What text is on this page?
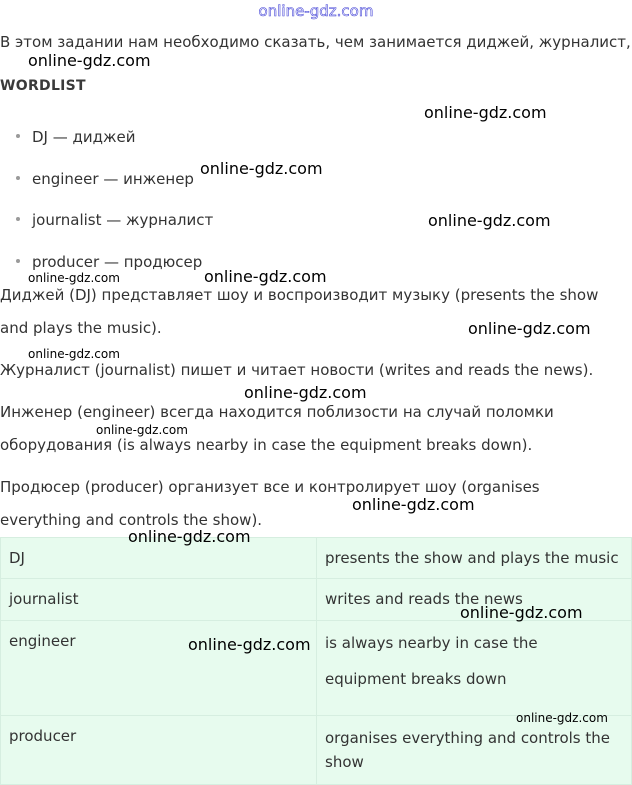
online-gdz.com
В этом задании нам необходимо сказать, чем занимается диджей, журналист,
WORDLIST
DJ — диджей
engineer — инженер
journalist — журналист
producer — продюсер
Диджей (DJ) представляет шоу и воспроизводит музыку (presents the show
and plays the music).
Журналист (journalist) пишет и читает новости (writes and reads the news).
Инженер (engineer) всегда находится поблизости на случай поломки
оборудования (is always nearby in case the equipment breaks down).
Продюсер (producer) организует все и контролирует шоу (organises
everything and controls the show).
DJ	presents the show and plays the music
journalist	writes and reads the news
engineer	is always nearby in case the equipment breaks down
producer	organises everything and controls the show
online-gdz.com
online-gdz.com
online-gdz.com
online-gdz.com
online-gdz.com	online-gdz.com
online-gdz.com
online-gdz.com
online-gdz.com
online-gdz.com
online-gdz.com
online-gdz.com
online-gdz.com
online-gdz.com
online-gdz.com
